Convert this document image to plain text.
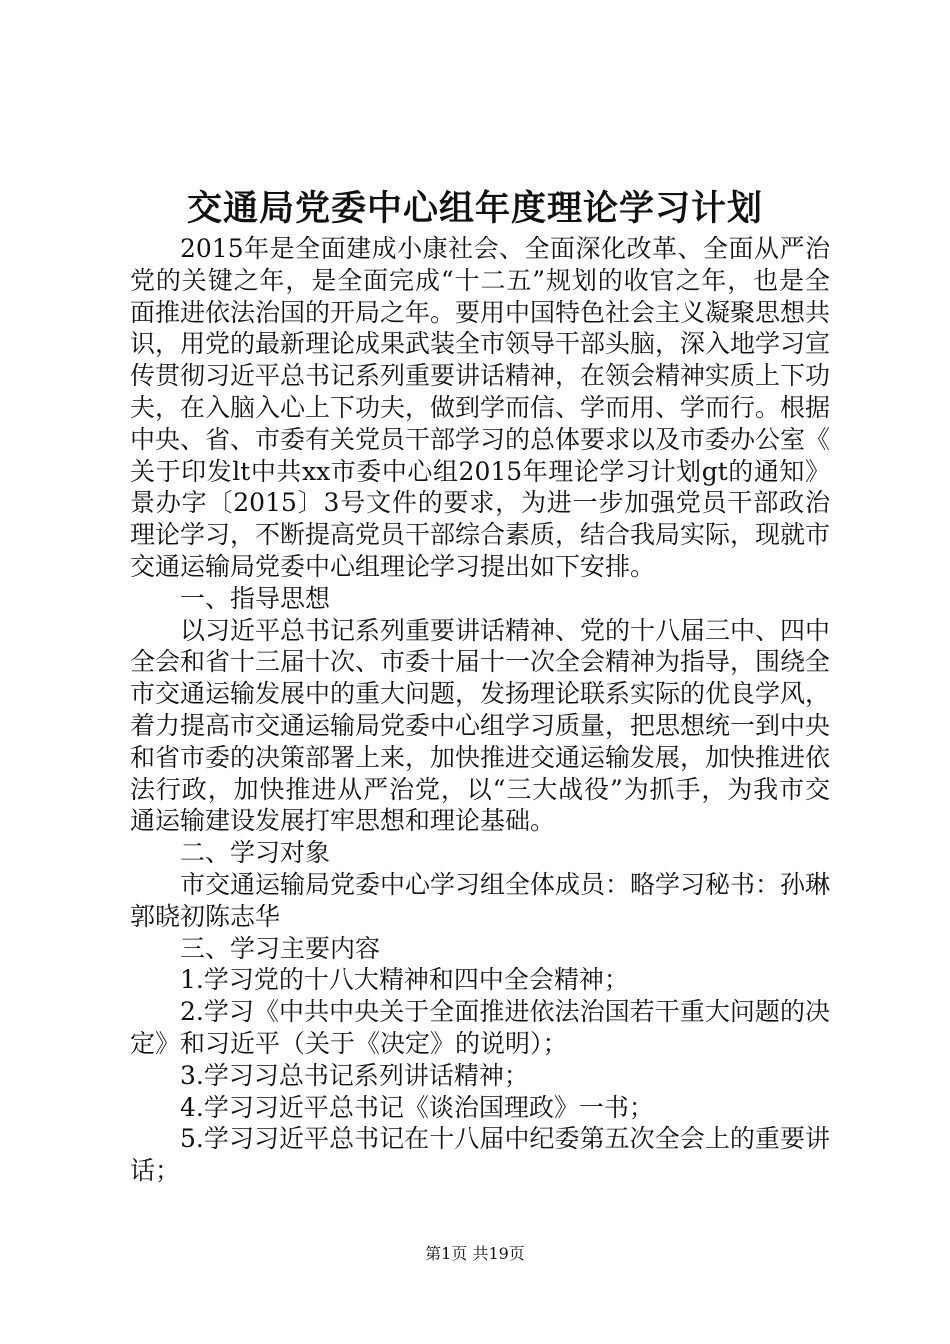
交通局党委中心组年度理论学习计划

2015年是全面建成小康社会、全面深化改革、全面从严治党的关键之年，是全面完成“十二五”规划的收官之年，也是全面推进依法治国的开局之年。要用中国特色社会主义凝聚思想共识，用党的最新理论成果武装全市领导干部头脑，深入地学习宣传贯彻习近平总书记系列重要讲话精神，在领会精神实质上下功夫，在入脑入心上下功夫，做到学而信、学而用、学而行。根据中央、省、市委有关党员干部学习的总体要求以及市委办公室《关于印发lt中共xx市委中心组2015年理论学习计划gt的通知》景办字〔2015〕3号文件的要求，为进一步加强党员干部政治理论学习，不断提高党员干部综合素质，结合我局实际，现就市交通运输局党委中心组理论学习提出如下安排。

一、指导思想

以习近平总书记系列重要讲话精神、党的十八届三中、四中全会和省十三届十次、市委十届十一次全会精神为指导，围绕全市交通运输发展中的重大问题，发扬理论联系实际的优良学风，着力提高市交通运输局党委中心组学习质量，把思想统一到中央和省市委的决策部署上来，加快推进交通运输发展，加快推进依法行政，加快推进从严治党，以“三大战役”为抓手，为我市交通运输建设发展打牢思想和理论基础。

二、学习对象

市交通运输局党委中心学习组全体成员：略学习秘书：孙琳郭晓初陈志华

三、学习主要内容

1.学习党的十八大精神和四中全会精神；

2.学习《中共中央关于全面推进依法治国若干重大问题的决定》和习近平（关于《决定》的说明）；

3.学习习总书记系列讲话精神；

4.学习习近平总书记《谈治国理政》一书；

5.学习习近平总书记在十八届中纪委第五次全会上的重要讲话；

第1页 共19页
